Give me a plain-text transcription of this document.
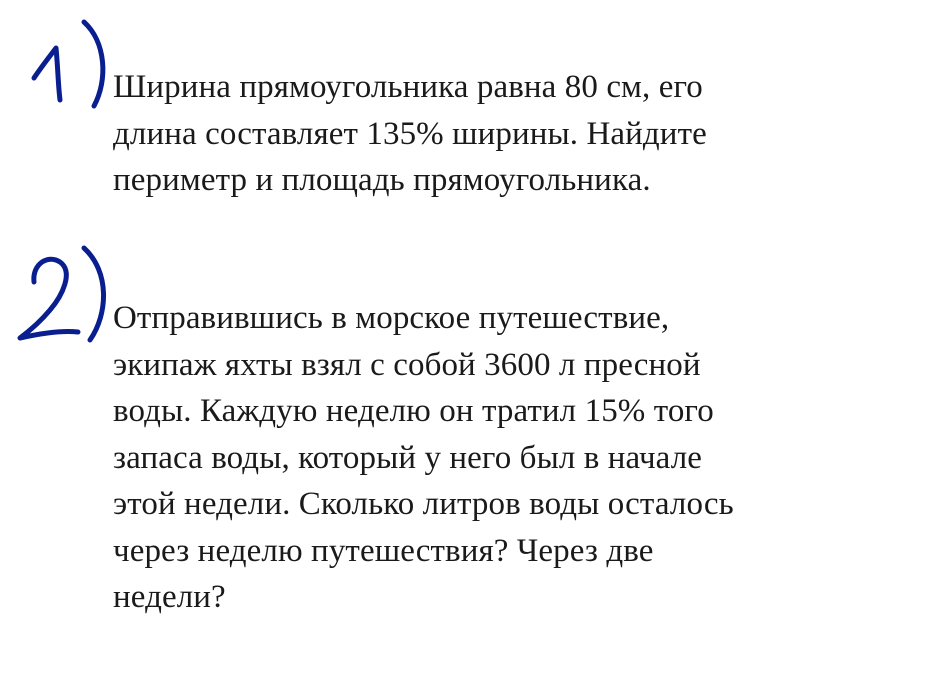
Ширина прямоугольника равна 80 см, его
длина составляет 135% ширины. Найдите
периметр и площадь прямоугольника.

Отправившись в морское путешествие,
экипаж яхты взял с собой 3600 л пресной
воды. Каждую неделю он тратил 15% того
запаса воды, который у него был в начале
этой недели. Сколько литров воды осталось
через неделю путешествия? Через две
недели?
